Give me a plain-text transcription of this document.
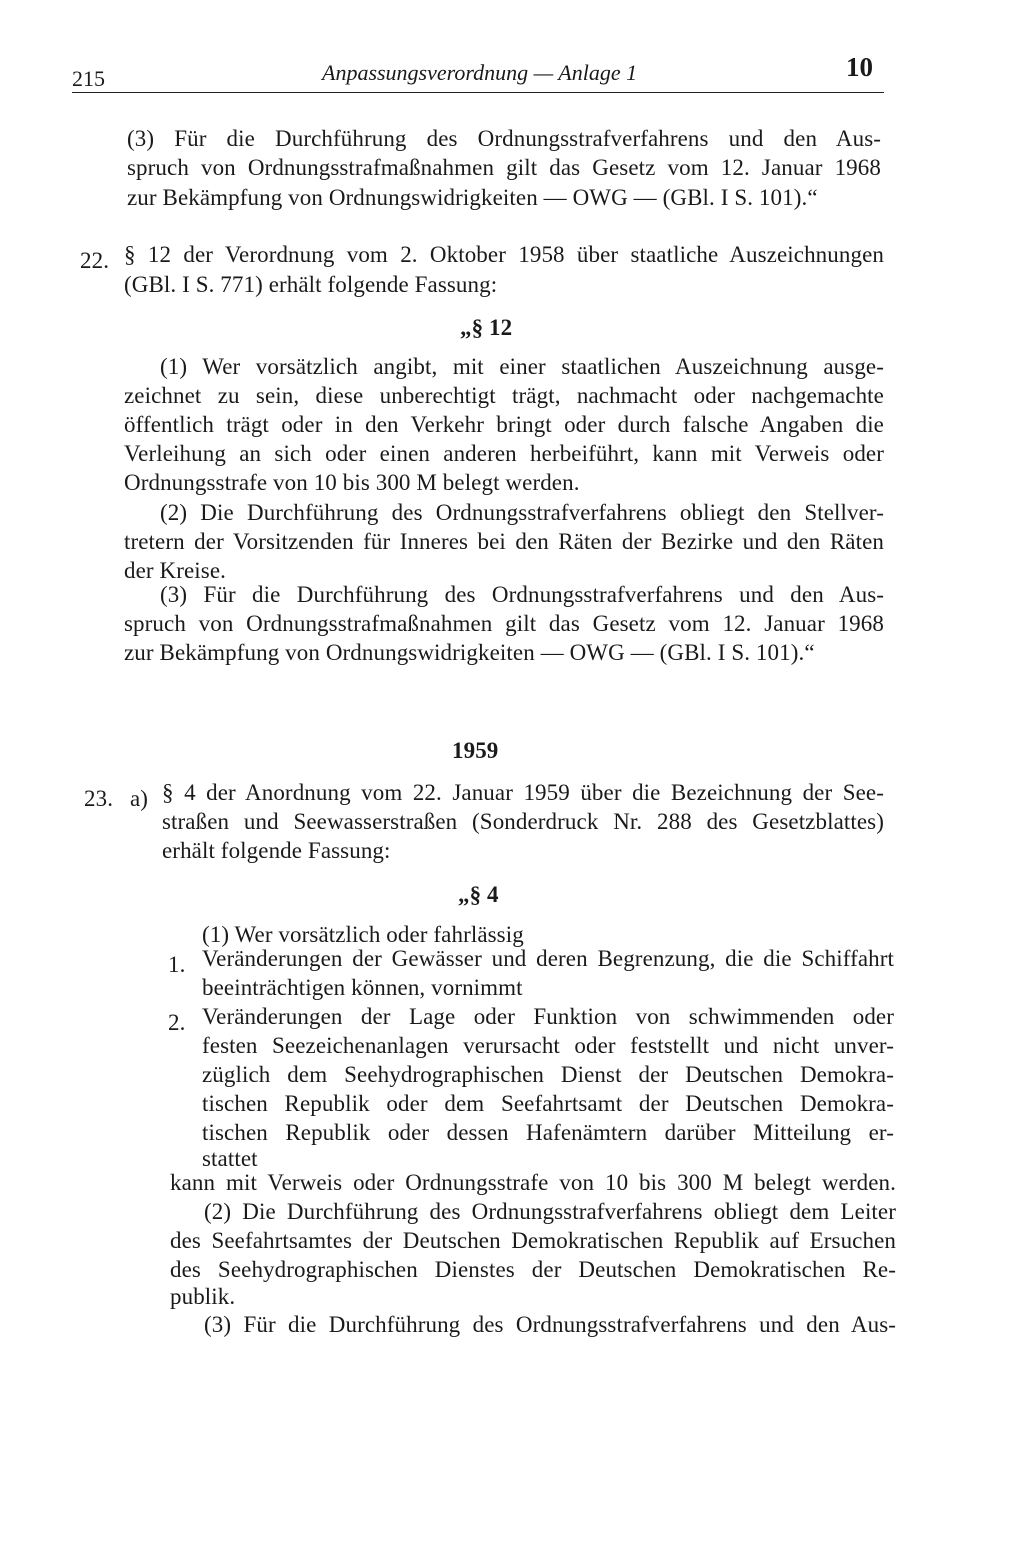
215	Anpassungsverordnung — Anlage 1	10
(3) Für die Durchführung des Ordnungsstrafverfahrens und den Aus-
spruch von Ordnungsstrafmaßnahmen gilt das Gesetz vom 12. Januar 1968
zur Bekämpfung von Ordnungswidrigkeiten — OWG — (GBl. I S. 101).“
22. § 12 der Verordnung vom 2. Oktober 1958 über staatliche Auszeichnungen
(GBl. I S. 771) erhält folgende Fassung:
„§ 12
(1) Wer vorsätzlich angibt, mit einer staatlichen Auszeichnung ausge-
zeichnet zu sein, diese unberechtigt trägt, nachmacht oder nachgemachte
öffentlich trägt oder in den Verkehr bringt oder durch falsche Angaben die
Verleihung an sich oder einen anderen herbeiführt, kann mit Verweis oder
Ordnungsstrafe von 10 bis 300 M belegt werden.
(2) Die Durchführung des Ordnungsstrafverfahrens obliegt den Stellver-
tretern der Vorsitzenden für Inneres bei den Räten der Bezirke und den Räten
der Kreise.
(3) Für die Durchführung des Ordnungsstrafverfahrens und den Aus-
spruch von Ordnungsstrafmaßnahmen gilt das Gesetz vom 12. Januar 1968
zur Bekämpfung von Ordnungswidrigkeiten — OWG — (GBl. I S. 101).“
1959
23. a) § 4 der Anordnung vom 22. Januar 1959 über die Bezeichnung der See-
straßen und Seewasserstraßen (Sonderdruck Nr. 288 des Gesetzblattes)
erhält folgende Fassung:
„§ 4
(1) Wer vorsätzlich oder fahrlässig
1. Veränderungen der Gewässer und deren Begrenzung, die die Schiffahrt
beeinträchtigen können, vornimmt
2. Veränderungen der Lage oder Funktion von schwimmenden oder
festen Seezeichenanlagen verursacht oder feststellt und nicht unver-
züglich dem Seehydrographischen Dienst der Deutschen Demokra-
tischen Republik oder dem Seefahrtsamt der Deutschen Demokra-
tischen Republik oder dessen Hafenämtern darüber Mitteilung er-
stattet
kann mit Verweis oder Ordnungsstrafe von 10 bis 300 M belegt werden.
(2) Die Durchführung des Ordnungsstrafverfahrens obliegt dem Leiter
des Seefahrtsamtes der Deutschen Demokratischen Republik auf Ersuchen
des Seehydrographischen Dienstes der Deutschen Demokratischen Re-
publik.
(3) Für die Durchführung des Ordnungsstrafverfahrens und den Aus-
